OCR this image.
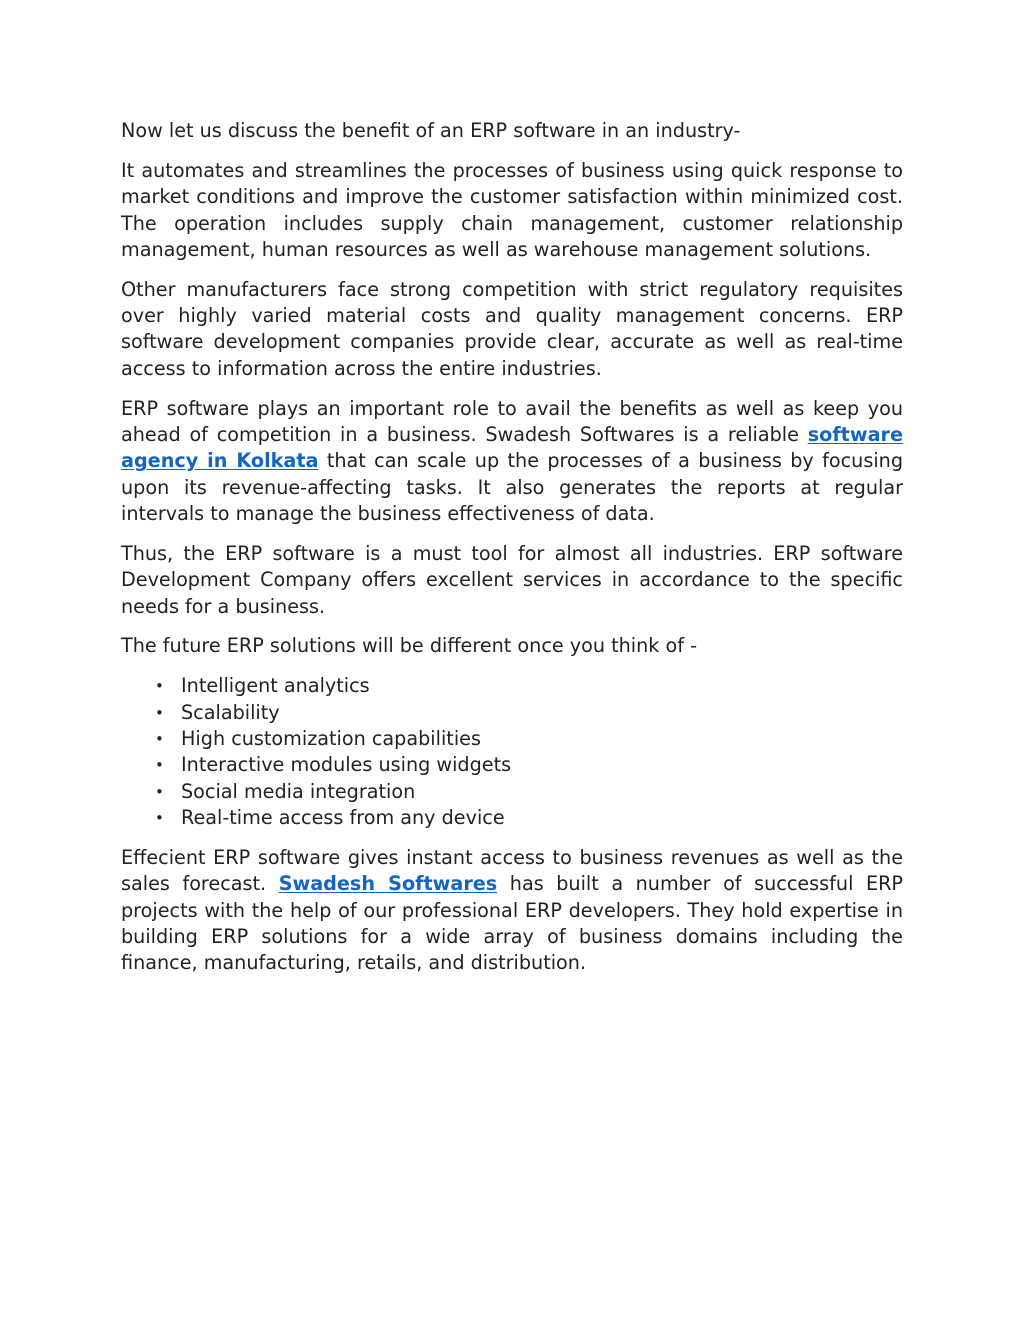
Now let us discuss the benefit of an ERP software in an industry-

It automates and streamlines the processes of business using quick response to market conditions and improve the customer satisfaction within minimized cost. The operation includes supply chain management, customer relationship management, human resources as well as warehouse management solutions.

Other manufacturers face strong competition with strict regulatory requisites over highly varied material costs and quality management concerns. ERP software development companies provide clear, accurate as well as real-time access to information across the entire industries.

ERP software plays an important role to avail the benefits as well as keep you ahead of competition in a business. Swadesh Softwares is a reliable software agency in Kolkata that can scale up the processes of a business by focusing upon its revenue-affecting tasks. It also generates the reports at regular intervals to manage the business effectiveness of data.

Thus, the ERP software is a must tool for almost all industries. ERP software Development Company offers excellent services in accordance to the specific needs for a business.

The future ERP solutions will be different once you think of -

• Intelligent analytics
• Scalability
• High customization capabilities
• Interactive modules using widgets
• Social media integration
• Real-time access from any device

Effecient ERP software gives instant access to business revenues as well as the sales forecast. Swadesh Softwares has built a number of successful ERP projects with the help of our professional ERP developers. They hold expertise in building ERP solutions for a wide array of business domains including the finance, manufacturing, retails, and distribution.
